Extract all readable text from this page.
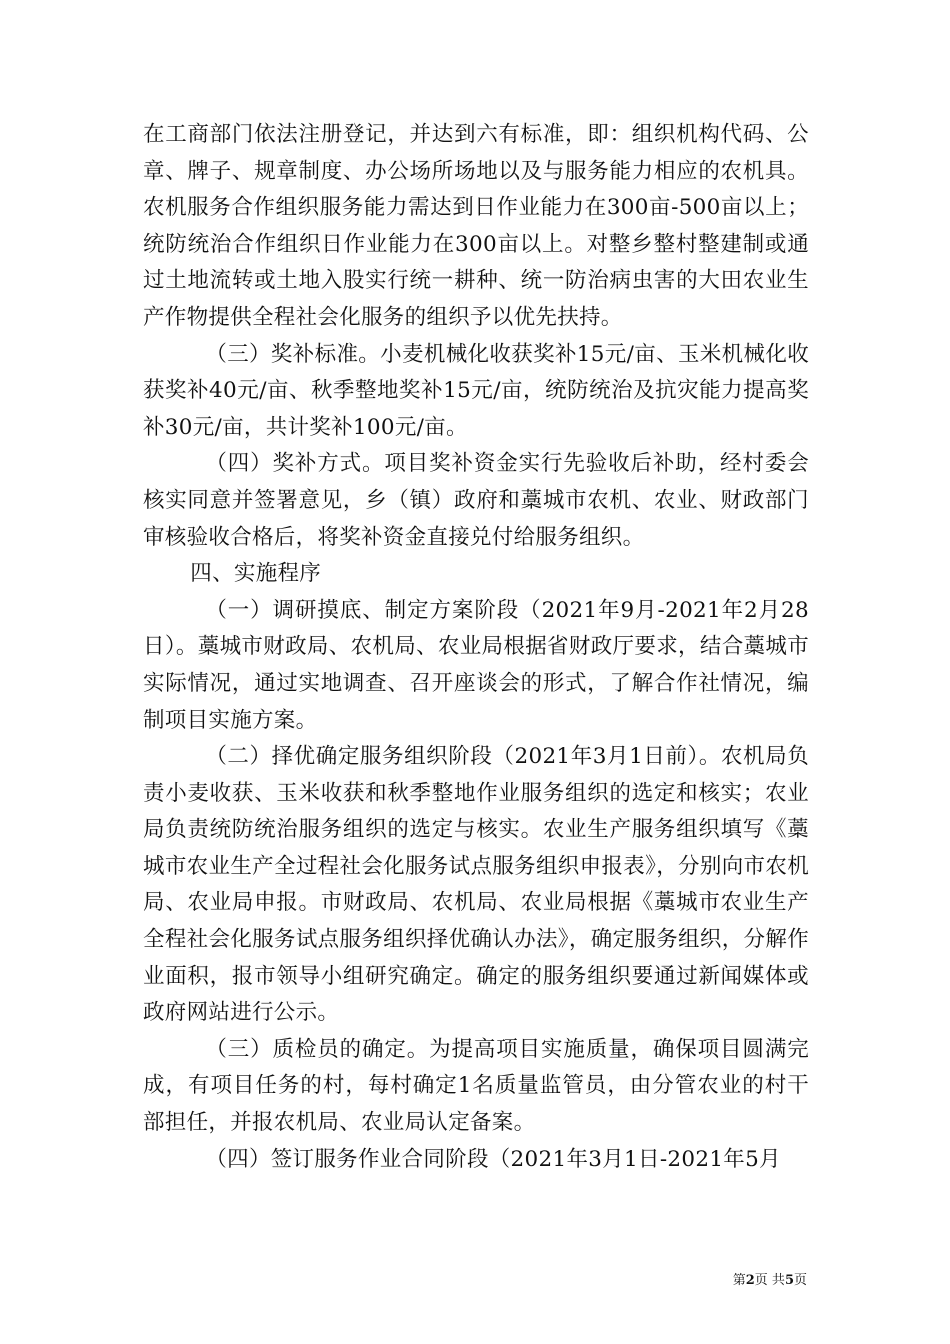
在工商部门依法注册登记，并达到六有标准，即：组织机构代码、公章、牌子、规章制度、办公场所场地以及与服务能力相应的农机具。农机服务合作组织服务能力需达到日作业能力在300亩-500亩以上；统防统治合作组织日作业能力在300亩以上。对整乡整村整建制或通过土地流转或土地入股实行统一耕种、统一防治病虫害的大田农业生产作物提供全程社会化服务的组织予以优先扶持。

（三）奖补标准。小麦机械化收获奖补15元/亩、玉米机械化收获奖补40元/亩、秋季整地奖补15元/亩，统防统治及抗灾能力提高奖补30元/亩，共计奖补100元/亩。

（四）奖补方式。项目奖补资金实行先验收后补助，经村委会核实同意并签署意见，乡（镇）政府和藁城市农机、农业、财政部门审核验收合格后，将奖补资金直接兑付给服务组织。

四、实施程序

（一）调研摸底、制定方案阶段（2021年9月-2021年2月28日）。藁城市财政局、农机局、农业局根据省财政厅要求，结合藁城市实际情况，通过实地调查、召开座谈会的形式，了解合作社情况，编制项目实施方案。

（二）择优确定服务组织阶段（2021年3月1日前）。农机局负责小麦收获、玉米收获和秋季整地作业服务组织的选定和核实；农业局负责统防统治服务组织的选定与核实。农业生产服务组织填写《藁城市农业生产全过程社会化服务试点服务组织申报表》，分别向市农机局、农业局申报。市财政局、农机局、农业局根据《藁城市农业生产全程社会化服务试点服务组织择优确认办法》，确定服务组织，分解作业面积，报市领导小组研究确定。确定的服务组织要通过新闻媒体或政府网站进行公示。

（三）质检员的确定。为提高项目实施质量，确保项目圆满完成，有项目任务的村，每村确定1名质量监管员，由分管农业的村干部担任，并报农机局、农业局认定备案。

（四）签订服务作业合同阶段（2021年3月1日-2021年5月

第2页 共5页
